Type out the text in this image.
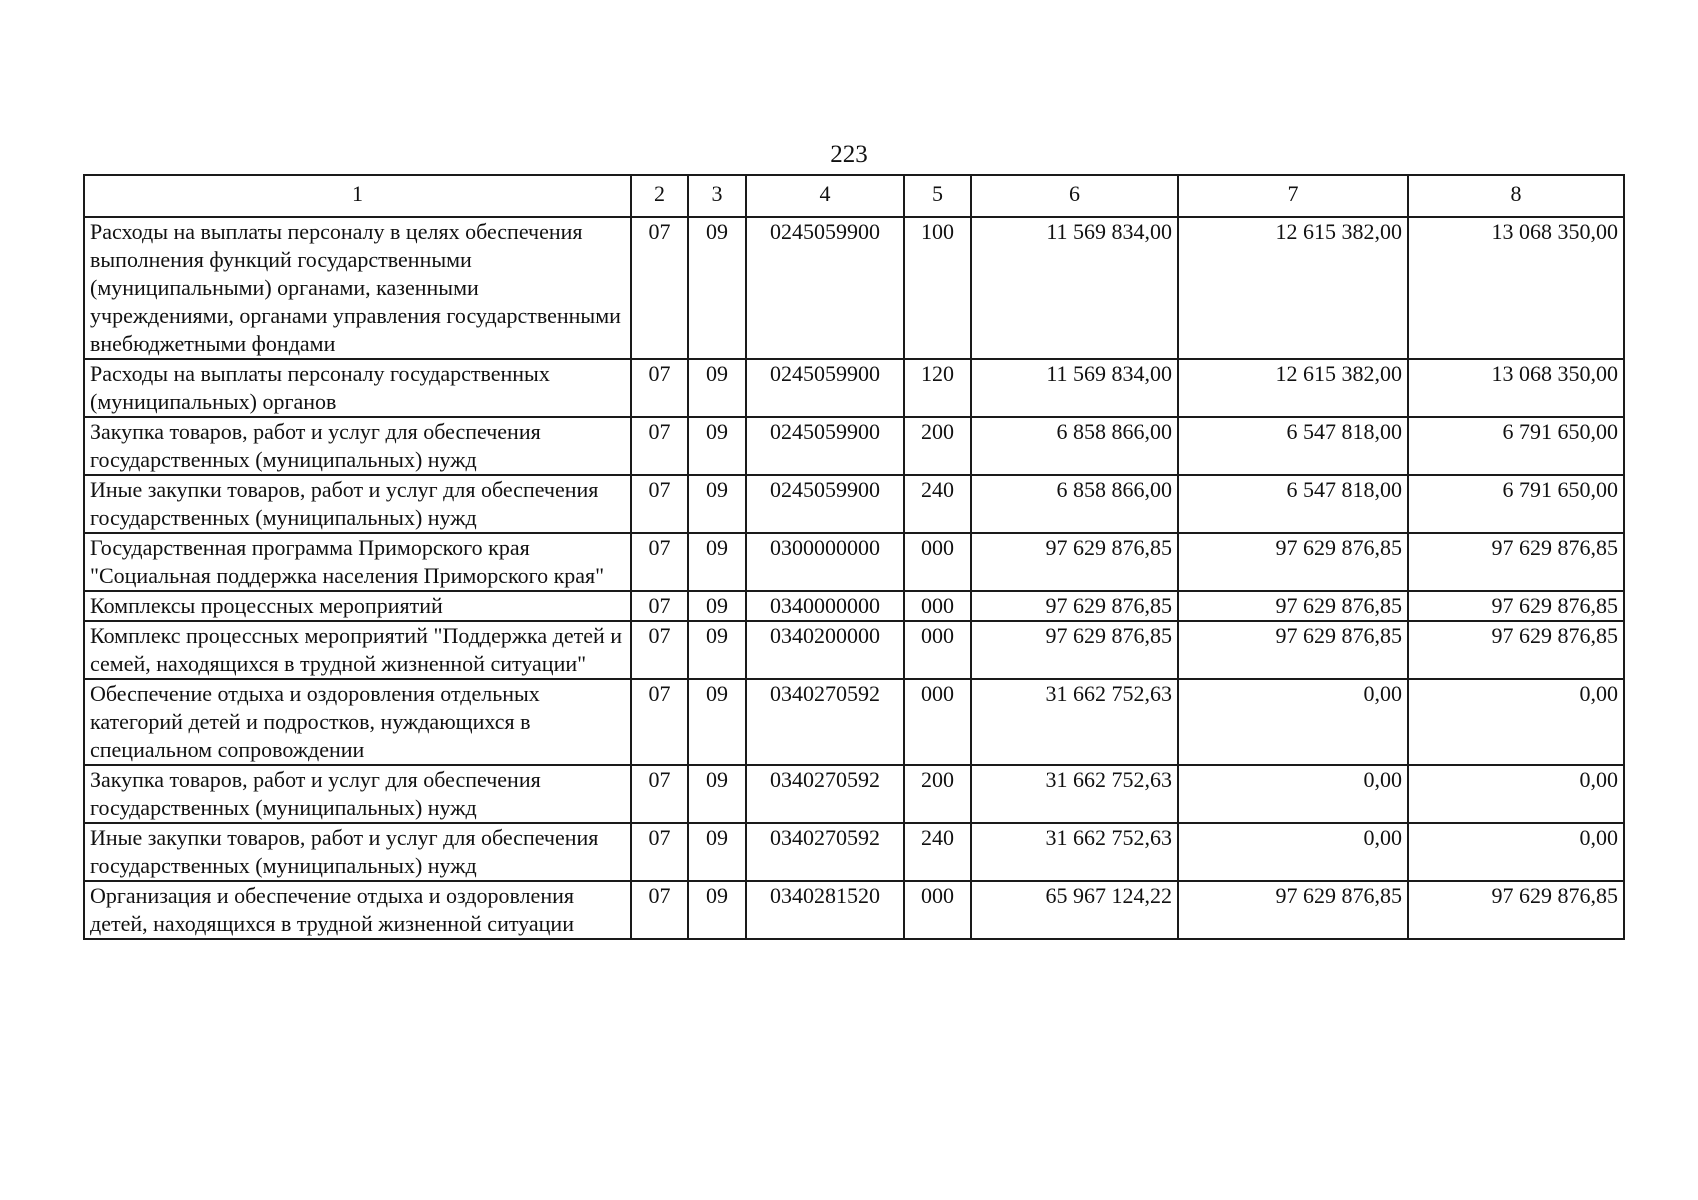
223
1	2	3	4	5	6	7	8
Расходы на выплаты персоналу в целях обеспечения выполнения функций государственными (муниципальными) органами, казенными учреждениями, органами управления государственными внебюджетными фондами	07	09	0245059900	100	11 569 834,00	12 615 382,00	13 068 350,00
Расходы на выплаты персоналу государственных (муниципальных) органов	07	09	0245059900	120	11 569 834,00	12 615 382,00	13 068 350,00
Закупка товаров, работ и услуг для обеспечения государственных (муниципальных) нужд	07	09	0245059900	200	6 858 866,00	6 547 818,00	6 791 650,00
Иные закупки товаров, работ и услуг для обеспечения государственных (муниципальных) нужд	07	09	0245059900	240	6 858 866,00	6 547 818,00	6 791 650,00
Государственная программа Приморского края "Социальная поддержка населения Приморского края"	07	09	0300000000	000	97 629 876,85	97 629 876,85	97 629 876,85
Комплексы процессных мероприятий	07	09	0340000000	000	97 629 876,85	97 629 876,85	97 629 876,85
Комплекс процессных мероприятий "Поддержка детей и семей, находящихся в трудной жизненной ситуации"	07	09	0340200000	000	97 629 876,85	97 629 876,85	97 629 876,85
Обеспечение отдыха и оздоровления отдельных категорий детей и подростков, нуждающихся в специальном сопровождении	07	09	0340270592	000	31 662 752,63	0,00	0,00
Закупка товаров, работ и услуг для обеспечения государственных (муниципальных) нужд	07	09	0340270592	200	31 662 752,63	0,00	0,00
Иные закупки товаров, работ и услуг для обеспечения государственных (муниципальных) нужд	07	09	0340270592	240	31 662 752,63	0,00	0,00
Организация и обеспечение отдыха и оздоровления детей, находящихся в трудной жизненной ситуации	07	09	0340281520	000	65 967 124,22	97 629 876,85	97 629 876,85
